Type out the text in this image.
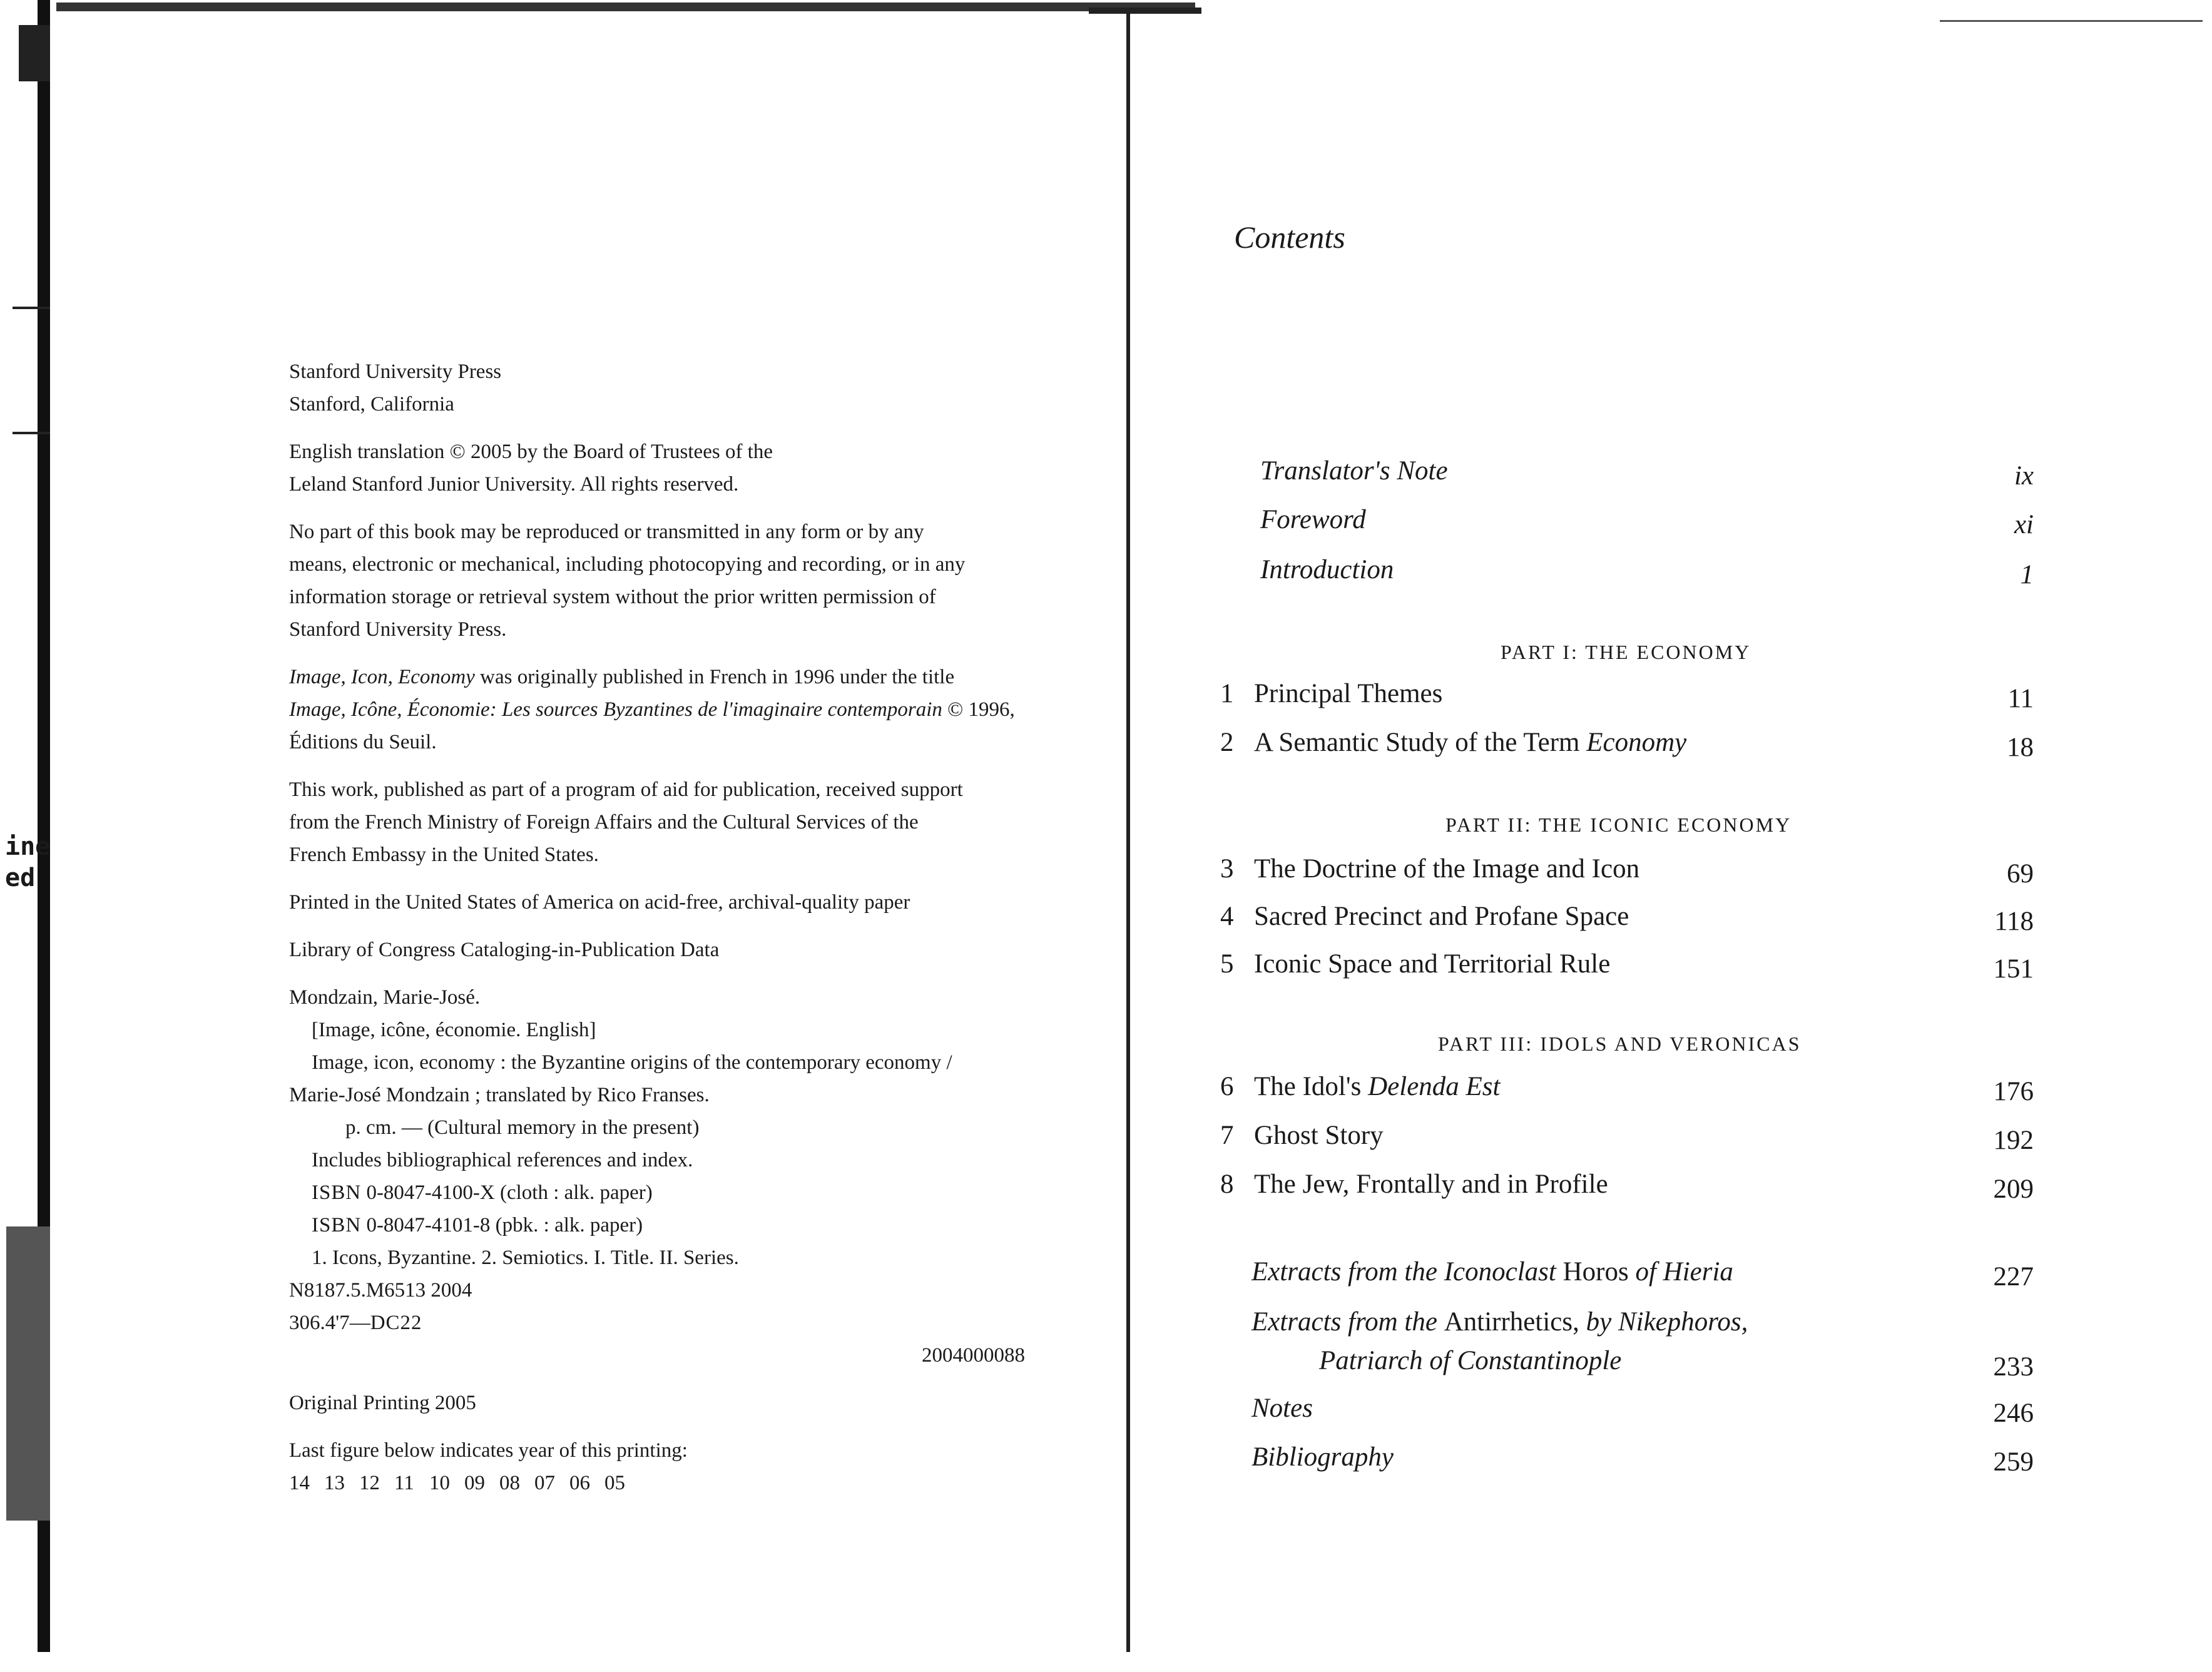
ine
ed

Stanford University Press

Stanford, California

English translation © 2005 by the Board of Trustees of the

Leland Stanford Junior University. All rights reserved.

No part of this book may be reproduced or transmitted in any form or by any

means, electronic or mechanical, including photocopying and recording, or in any

information storage or retrieval system without the prior written permission of

Stanford University Press.

Image, Icon, Economy was originally published in French in 1996 under the title

Image, Icône, Économie: Les sources Byzantines de l'imaginaire contemporain © 1996,

Éditions du Seuil.

This work, published as part of a program of aid for publication, received support

from the French Ministry of Foreign Affairs and the Cultural Services of the

French Embassy in the United States.

Printed in the United States of America on acid-free, archival-quality paper

Library of Congress Cataloging-in-Publication Data

Mondzain, Marie-José.

[Image, icône, économie. English]

Image, icon, economy : the Byzantine origins of the contemporary economy /

Marie-José Mondzain ; translated by Rico Franses.

p. cm. — (Cultural memory in the present)

Includes bibliographical references and index.

ISBN 0-8047-4100-X (cloth : alk. paper)

ISBN 0-8047-4101-8 (pbk. : alk. paper)

1. Icons, Byzantine. 2. Semiotics. I. Title. II. Series.

N8187.5.M6513 2004

306.4'7—DC22

2004000088

Original Printing 2005

Last figure below indicates year of this printing:

14 13 12 11 10 09 08 07 06 05

Contents
Translator's Note	ix
Foreword	xi
Introduction	1
PART I: THE ECONOMY
1 Principal Themes	11
2 A Semantic Study of the Term Economy	18
PART II: THE ICONIC ECONOMY
3 The Doctrine of the Image and Icon	69
4 Sacred Precinct and Profane Space	118
5 Iconic Space and Territorial Rule	151
PART III: IDOLS AND VERONICAS
6 The Idol's Delenda Est	176
7 Ghost Story	192
8 The Jew, Frontally and in Profile	209
Extracts from the Iconoclast Horos of Hieria	227
Extracts from the Antirrhetics, by Nikephoros,
Patriarch of Constantinople	233
Notes	246
Bibliography	259
